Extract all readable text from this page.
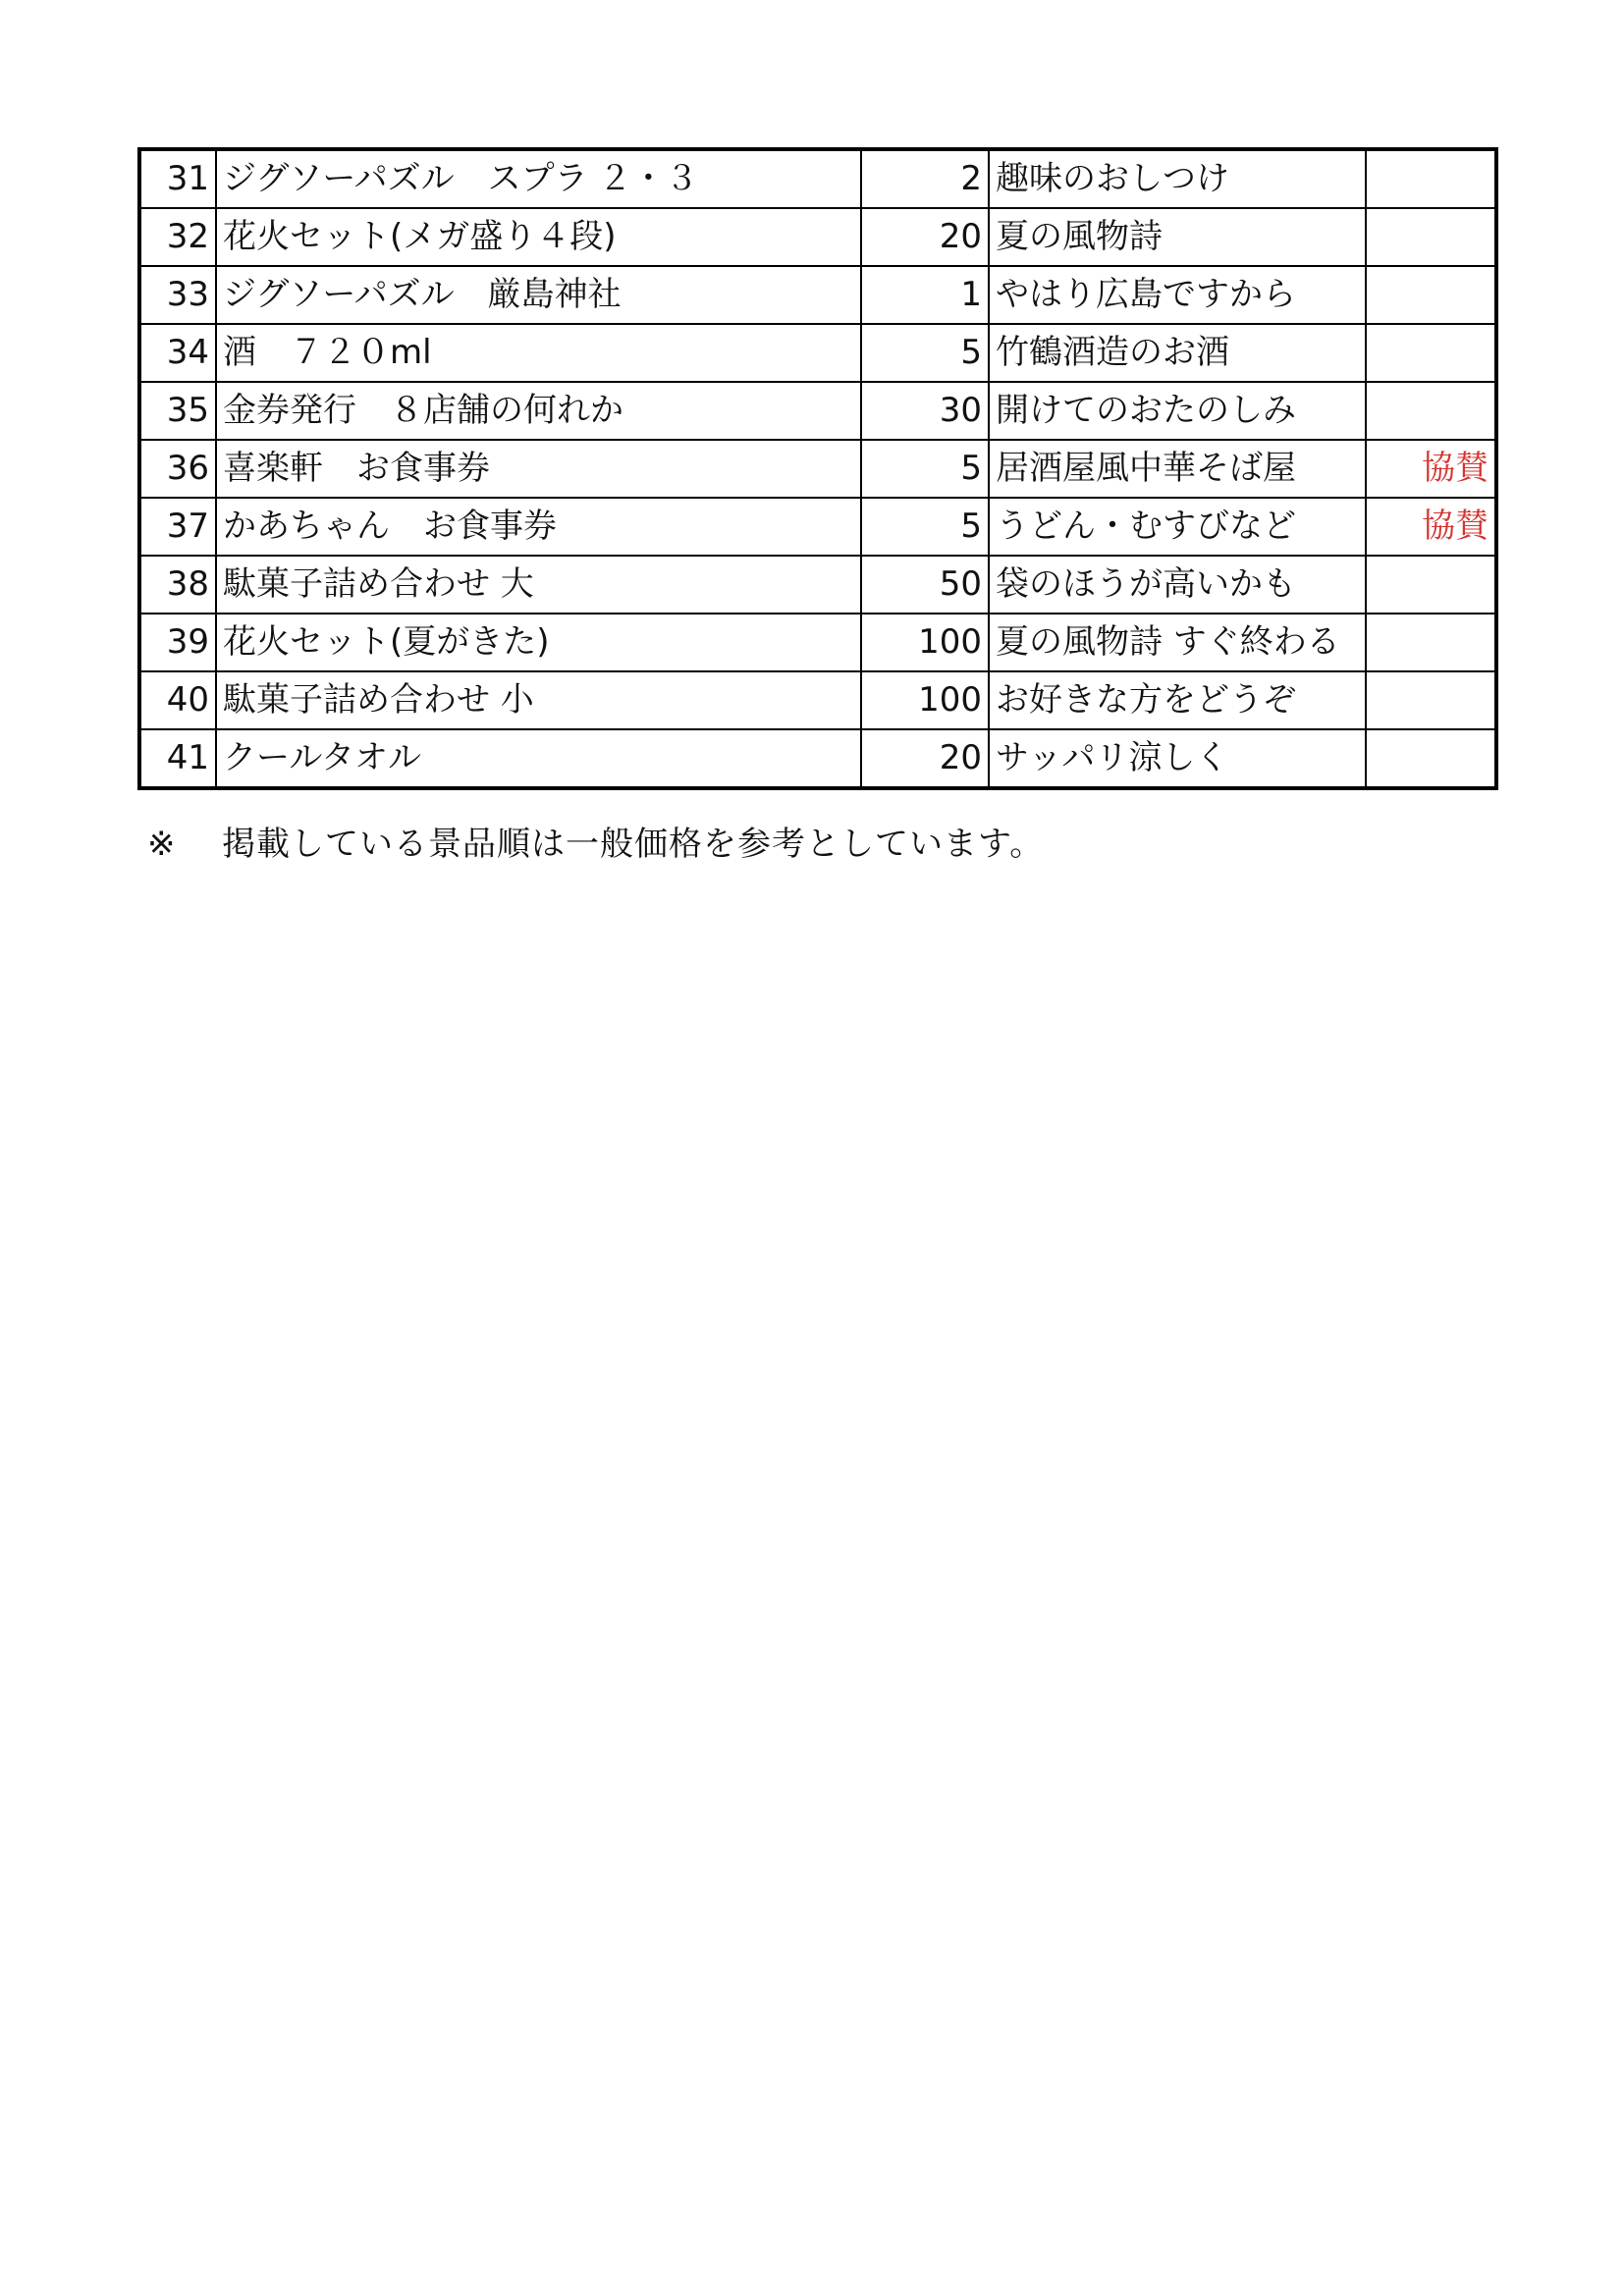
31	ジグソーパズル　スプラ ２・３	2	趣味のおしつけ	
32	花火セット(メガ盛り４段)	20	夏の風物詩	
33	ジグソーパズル　厳島神社	1	やはり広島ですから	
34	酒　７２０ml	5	竹鶴酒造のお酒	
35	金券発行　８店舗の何れか	30	開けてのおたのしみ	
36	喜楽軒　お食事券	5	居酒屋風中華そば屋	協賛
37	かあちゃん　お食事券	5	うどん・むすびなど	協賛
38	駄菓子詰め合わせ 大	50	袋のほうが高いかも	
39	花火セット(夏がきた)	100	夏の風物詩 すぐ終わる	
40	駄菓子詰め合わせ 小	100	お好きな方をどうぞ	
41	クールタオル	20	サッパリ涼しく	
※ 掲載している景品順は一般価格を参考としています。
